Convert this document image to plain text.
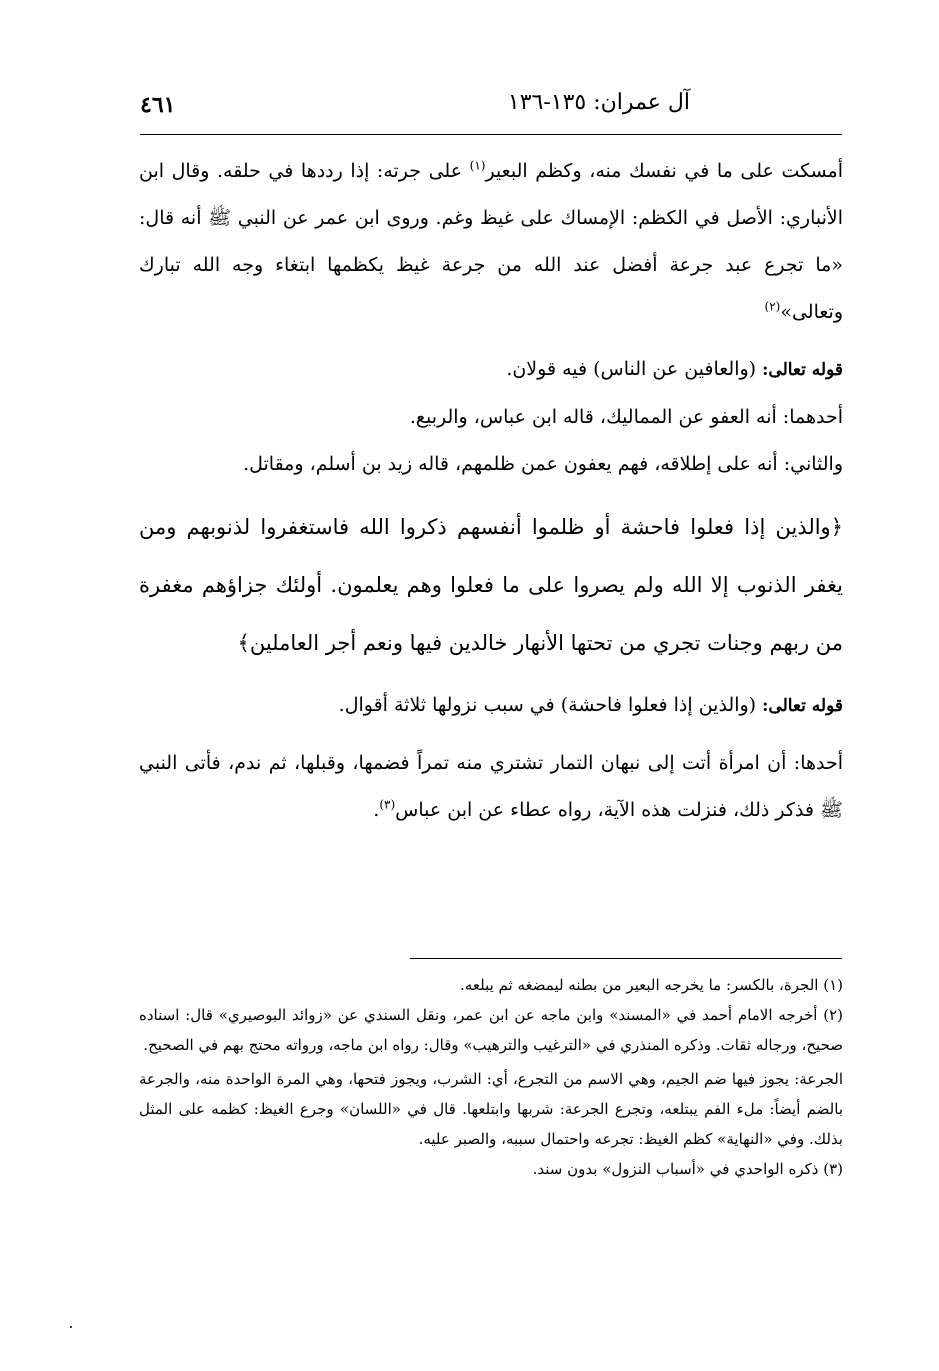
آل عمران: ١٣٥-١٣٦
٤٦١

أمسكت على ما في نفسك منه، وكظم البعير$^{(١)}$ على جرته: إذا رددها في حلقه. وقال ابن الأنباري: الأصل في الكظم: الإمساك على غيظ وغم. وروى ابن عمر عن النبي ﷺ أنه قال: «ما تجرع عبد جرعة أفضل عند الله من جرعة غيظ يكظمها ابتغاء وجه الله تبارك وتعالى»$^{(٢)}$

قوله تعالى: (والعافين عن الناس) فيه قولان.

أحدهما: أنه العفو عن المماليك، قاله ابن عباس، والربيع.

والثاني: أنه على إطلاقه، فهم يعفون عمن ظلمهم، قاله زيد بن أسلم، ومقاتل.

﴿والذين إذا فعلوا فاحشة أو ظلموا أنفسهم ذكروا الله فاستغفروا لذنوبهم ومن يغفر الذنوب إلا الله ولم يصروا على ما فعلوا وهم يعلمون. أولئك جزاؤهم مغفرة من ربهم وجنات تجري من تحتها الأنهار خالدين فيها ونعم أجر العاملين﴾

قوله تعالى: (والذين إذا فعلوا فاحشة) في سبب نزولها ثلاثة أقوال.

أحدها: أن امرأة أتت إلى نبهان التمار تشتري منه تمراً فضمها، وقبلها، ثم ندم، فأتى النبي ﷺ فذكر ذلك، فنزلت هذه الآية، رواه عطاء عن ابن عباس$^{(٣)}$.

(١) الجرة، بالكسر: ما يخرجه البعير من بطنه ليمضغه ثم يبلعه.

(٢) أخرجه الامام أحمد في «المسند» وابن ماجه عن ابن عمر، ونقل السندي عن «زوائد البوصيري» قال: اسناده صحيح، ورجاله ثقات. وذكره المنذري في «الترغيب والترهيب» وقال: رواه ابن ماجه، ورواته محتج بهم في الصحيح.

الجرعة: يجوز فيها ضم الجيم، وهي الاسم من التجرع، أي: الشرب، ويجوز فتحها، وهي المرة الواحدة منه، والجرعة بالضم أيضاً: ملء الفم يبتلعه، وتجرع الجرعة: شربها وابتلعها. قال في «اللسان» وجرع الغيظ: كظمه على المثل بذلك. وفي «النهاية» كظم الغيظ: تجرعه واحتمال سببه، والصبر عليه.

(٣) ذكره الواحدي في «أسباب النزول» بدون سند.
